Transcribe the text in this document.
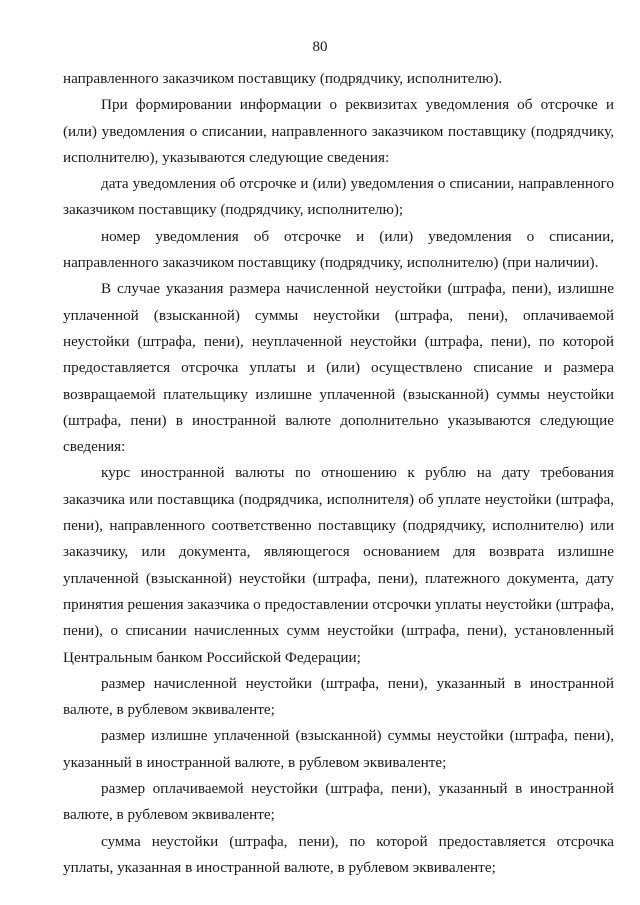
80

направленного заказчиком поставщику (подрядчику, исполнителю).

При формировании информации о реквизитах уведомления об отсрочке и (или) уведомления о списании, направленного заказчиком поставщику (подрядчику, исполнителю), указываются следующие сведения:

дата уведомления об отсрочке и (или) уведомления о списании, направленного заказчиком поставщику (подрядчику, исполнителю);

номер уведомления об отсрочке и (или) уведомления о списании, направленного заказчиком поставщику (подрядчику, исполнителю) (при наличии).

В случае указания размера начисленной неустойки (штрафа, пени), излишне уплаченной (взысканной) суммы неустойки (штрафа, пени), оплачиваемой неустойки (штрафа, пени), неуплаченной неустойки (штрафа, пени), по которой предоставляется отсрочка уплаты и (или) осуществлено списание и размера возвращаемой плательщику излишне уплаченной (взысканной) суммы неустойки (штрафа, пени) в иностранной валюте дополнительно указываются следующие сведения:

курс иностранной валюты по отношению к рублю на дату требования заказчика или поставщика (подрядчика, исполнителя) об уплате неустойки (штрафа, пени), направленного соответственно поставщику (подрядчику, исполнителю) или заказчику, или документа, являющегося основанием для возврата излишне уплаченной (взысканной) неустойки (штрафа, пени), платежного документа, дату принятия решения заказчика о предоставлении отсрочки уплаты неустойки (штрафа, пени), о списании начисленных сумм неустойки (штрафа, пени), установленный Центральным банком Российской Федерации;

размер начисленной неустойки (штрафа, пени), указанный в иностранной валюте, в рублевом эквиваленте;

размер излишне уплаченной (взысканной) суммы неустойки (штрафа, пени), указанный в иностранной валюте, в рублевом эквиваленте;

размер оплачиваемой неустойки (штрафа, пени), указанный в иностранной валюте, в рублевом эквиваленте;

сумма неустойки (штрафа, пени), по которой предоставляется отсрочка уплаты, указанная в иностранной валюте, в рублевом эквиваленте;
